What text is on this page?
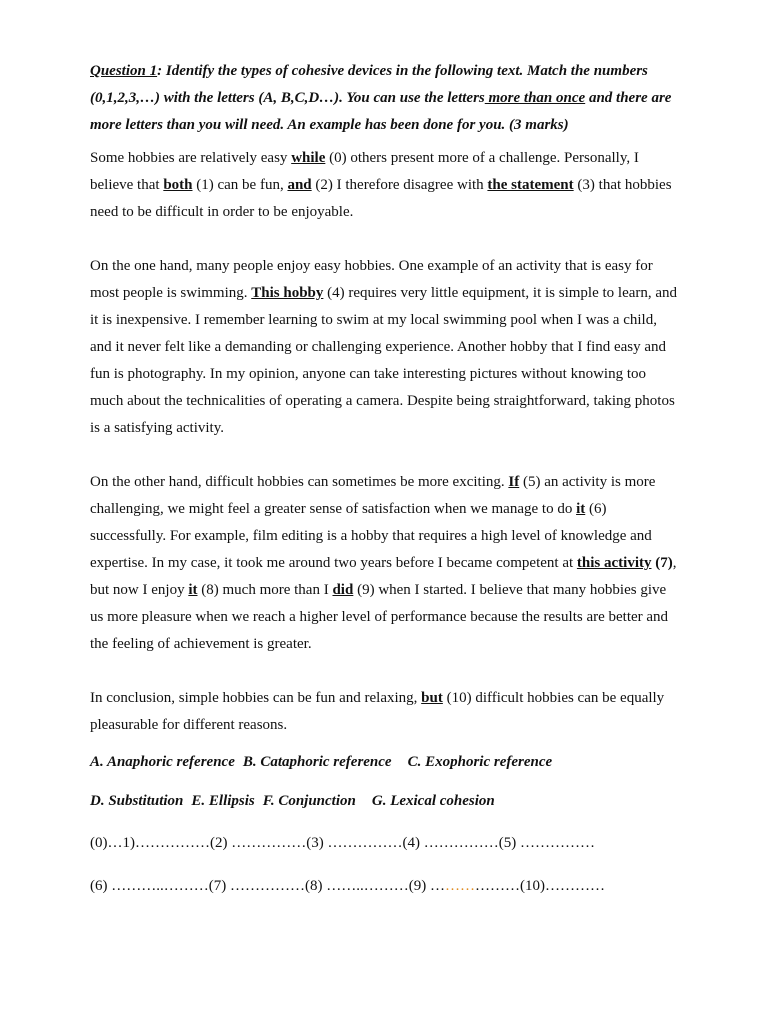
Question 1: Identify the types of cohesive devices in the following text. Match the numbers (0,1,2,3,…) with the letters (A, B,C,D…). You can use the letters more than once and there are more letters than you will need. An example has been done for you. (3 marks)

Some hobbies are relatively easy while (0) others present more of a challenge. Personally, I believe that both (1) can be fun, and (2) I therefore disagree with the statement (3) that hobbies need to be difficult in order to be enjoyable.

On the one hand, many people enjoy easy hobbies. One example of an activity that is easy for most people is swimming. This hobby (4) requires very little equipment, it is simple to learn, and it is inexpensive. I remember learning to swim at my local swimming pool when I was a child, and it never felt like a demanding or challenging experience. Another hobby that I find easy and fun is photography. In my opinion, anyone can take interesting pictures without knowing too much about the technicalities of operating a camera. Despite being straightforward, taking photos is a satisfying activity.

On the other hand, difficult hobbies can sometimes be more exciting. If (5) an activity is more challenging, we might feel a greater sense of satisfaction when we manage to do it (6) successfully. For example, film editing is a hobby that requires a high level of knowledge and expertise. In my case, it took me around two years before I became competent at this activity (7), but now I enjoy it (8) much more than I did (9) when I started. I believe that many hobbies give us more pleasure when we reach a higher level of performance because the results are better and the feeling of achievement is greater.

In conclusion, simple hobbies can be fun and relaxing, but (10) difficult hobbies can be equally pleasurable for different reasons.

A. Anaphoric reference B. Cataphoric reference C. Exophoric reference

D. Substitution E. Ellipsis F. Conjunction G. Lexical cohesion

(0)…1)……………(2) ……………(3) ……………(4) ……………(5) ……………

(6) ………..………(7) ……………(8) ……..………(9) ………………(10)…………
